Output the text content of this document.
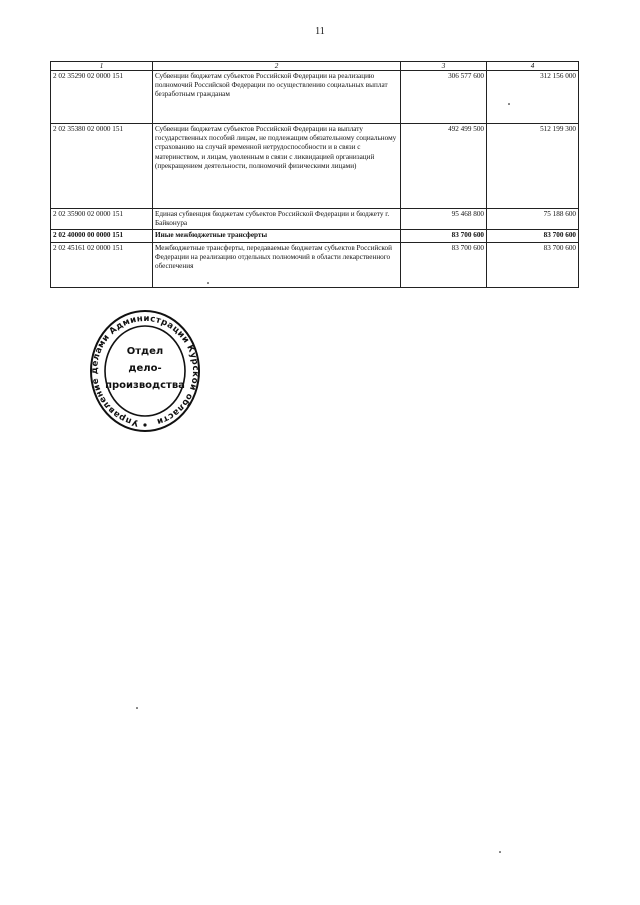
11
1	2	3	4
2 02 35290 02 0000 151	Субвенции бюджетам субъектов Российской Федерации на реализацию полномочий Российской Федерации по осуществлению социальных выплат безработным гражданам	306 577 600	312 156 000
2 02 35380 02 0000 151	Субвенции бюджетам субъектов Российской Федерации на выплату государственных пособий лицам, не подлежащим обязательному социальному страхованию на случай временной нетрудоспособности и в связи с материнством, и лицам, уволенным в связи с ликвидацией организаций (прекращением деятельности, полномочий физическими лицами)	492 499 500	512 199 300
2 02 35900 02 0000 151	Единая субвенция бюджетам субъектов Российской Федерации и бюджету г. Байконура	95 468 800	75 188 600
2 02 40000 00 0000 151	Иные межбюджетные трансферты	83 700 600	83 700 600
2 02 45161 02 0000 151	Межбюджетные трансферты, передаваемые бюджетам субъектов Российской Федерации на реализацию отдельных полномочий в области лекарственного обеспечения	83 700 600	83 700 600
Управление делами Администрации Курской области
Отдел
дело-
производства
